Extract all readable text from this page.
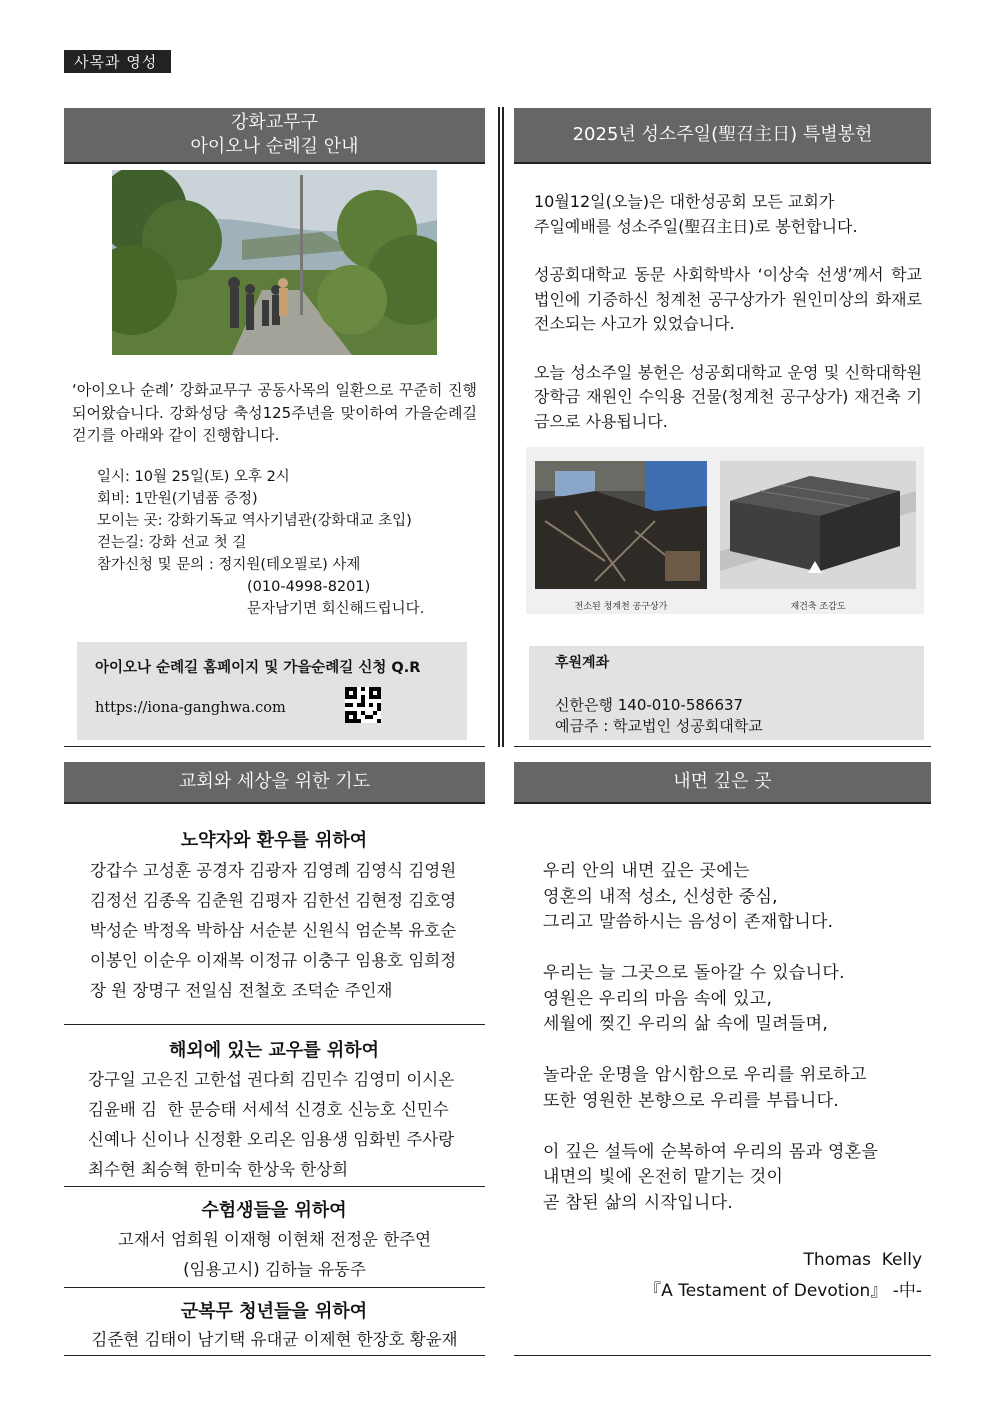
사목과 영성
강화교무구
아이오나 순례길 안내
‘아이오나 순례’ 강화교무구 공동사목의 일환으로 꾸준히 진행되어왔습니다. 강화성당 축성125주년을 맞이하여 가을순례길 걷기를 아래와 같이 진행합니다.
일시: 10월 25일(토) 오후 2시
회비: 1만원(기념품 증정)
모이는 곳: 강화기독교 역사기념관(강화대교 초입)
걷는길: 강화 선교 첫 길
참가신청 및 문의 : 정지원(테오필로) 사제
(010-4998-8201)
문자남기면 회신해드립니다.
아이오나 순례길 홈페이지 및 가을순례길 신청 Q.R
https://iona-ganghwa.com
2025년 성소주일(聖召主日) 특별봉헌
10월12일(오늘)은 대한성공회 모든 교회가
주일예배를 성소주일(聖召主日)로 봉헌합니다.
성공회대학교 동문 사회학박사 ‘이상숙 선생’께서 학교법인에 기증하신 청계천 공구상가가 원인미상의 화재로 전소되는 사고가 있었습니다.
오늘 성소주일 봉헌은 성공회대학교 운영 및 신학대학원 장학금 재원인 수익용 건물(청계천 공구상가) 재건축 기금으로 사용됩니다.
전소된 청계천 공구상가	재건축 조감도
후원계좌
신한은행 140-010-586637
예금주 : 학교법인 성공회대학교
교회와 세상을 위한 기도
노약자와 환우를 위하여
강갑수 고성훈 공경자 김광자 김영례 김영식 김영원
김정선 김종옥 김춘원 김평자 김한선 김현정 김호영
박성순 박정옥 박하삼 서순분 신원식 엄순복 유호순
이봉인 이순우 이재복 이정규 이충구 임용호 임희정
장 원 장명구 전일심 전철호 조덕순 주인재
해외에 있는 교우를 위하여
강구일 고은진 고한섭 권다희 김민수 김영미 이시온
김윤배 김  한 문승태 서세석 신경호 신능호 신민수
신예나 신이나 신정환 오리온 임용생 임화빈 주사랑
최수현 최승혁 한미숙 한상욱 한상희
수험생들을 위하여
고재서 엄희원 이재형 이현채 전정운 한주연
(임용고시) 김하늘 유동주
군복무 청년들을 위하여
김준현 김태이 남기택 유대균 이제현 한장호 황윤재
내면 깊은 곳
우리 안의 내면 깊은 곳에는
영혼의 내적 성소, 신성한 중심,
그리고 말씀하시는 음성이 존재합니다.
우리는 늘 그곳으로 돌아갈 수 있습니다.
영원은 우리의 마음 속에 있고,
세월에 찢긴 우리의 삶 속에 밀려들며,
놀라운 운명을 암시함으로 우리를 위로하고
또한 영원한 본향으로 우리를 부릅니다.
이 깊은 설득에 순복하여 우리의 몸과 영혼을
내면의 빛에 온전히 맡기는 것이
곧 참된 삶의 시작입니다.
Thomas  Kelly
『A Testament of Devotion』 -中-
